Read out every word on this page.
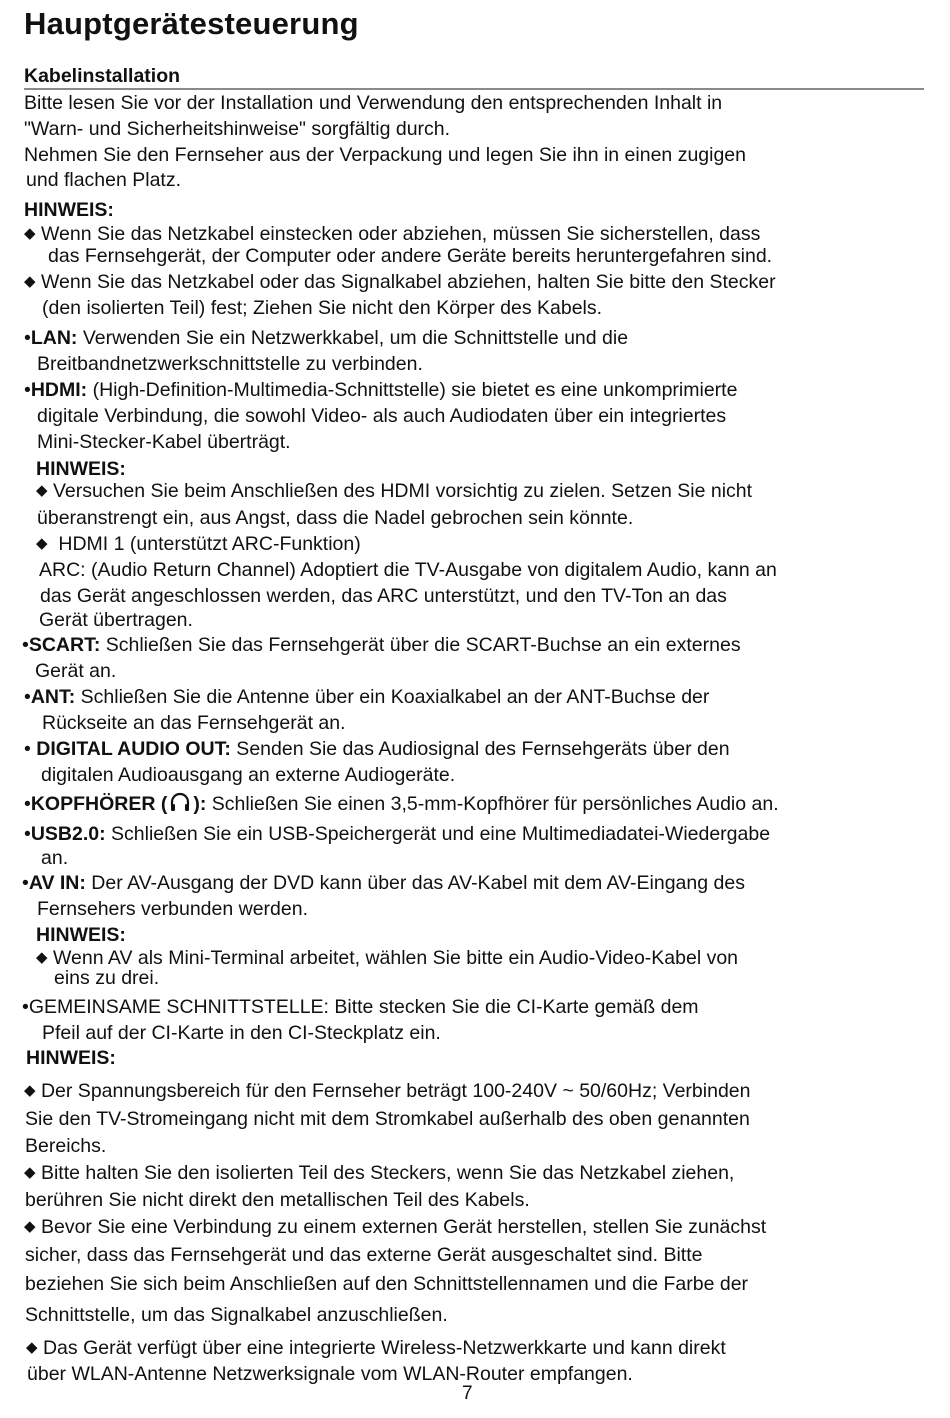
Hauptgerätesteuerung
Kabelinstallation
Bitte lesen Sie vor der Installation und Verwendung den entsprechenden Inhalt in
"Warn- und Sicherheitshinweise" sorgfältig durch.
Nehmen Sie den Fernseher aus der Verpackung und legen Sie ihn in einen zugigen
und flachen Platz.
HINWEIS:
◆ Wenn Sie das Netzkabel einstecken oder abziehen, müssen Sie sicherstellen, dass
das Fernsehgerät, der Computer oder andere Geräte bereits heruntergefahren sind.
◆ Wenn Sie das Netzkabel oder das Signalkabel abziehen, halten Sie bitte den Stecker
(den isolierten Teil) fest; Ziehen Sie nicht den Körper des Kabels.
•LAN: Verwenden Sie ein Netzwerkkabel, um die Schnittstelle und die
Breitbandnetzwerkschnittstelle zu verbinden.
•HDMI: (High-Definition-Multimedia-Schnittstelle) sie bietet es eine unkomprimierte
digitale Verbindung, die sowohl Video- als auch Audiodaten über ein integriertes
Mini-Stecker-Kabel überträgt.
HINWEIS:
◆ Versuchen Sie beim Anschließen des HDMI vorsichtig zu zielen. Setzen Sie nicht
überanstrengt ein, aus Angst, dass die Nadel gebrochen sein könnte.
◆ HDMI 1 (unterstützt ARC-Funktion)
ARC: (Audio Return Channel) Adoptiert die TV-Ausgabe von digitalem Audio, kann an
das Gerät angeschlossen werden, das ARC unterstützt, und den TV-Ton an das
Gerät übertragen.
•SCART: Schließen Sie das Fernsehgerät über die SCART-Buchse an ein externes
Gerät an.
•ANT: Schließen Sie die Antenne über ein Koaxialkabel an der ANT-Buchse der
Rückseite an das Fernsehgerät an.
• DIGITAL AUDIO OUT: Senden Sie das Audiosignal des Fernsehgeräts über den
digitalen Audioausgang an externe Audiogeräte.
•KOPFHÖRER ( ): Schließen Sie einen 3,5-mm-Kopfhörer für persönliches Audio an.
•USB2.0: Schließen Sie ein USB-Speichergerät und eine Multimediadatei-Wiedergabe
an.
•AV IN: Der AV-Ausgang der DVD kann über das AV-Kabel mit dem AV-Eingang des
Fernsehers verbunden werden.
HINWEIS:
◆ Wenn AV als Mini-Terminal arbeitet, wählen Sie bitte ein Audio-Video-Kabel von
eins zu drei.
•GEMEINSAME SCHNITTSTELLE: Bitte stecken Sie die CI-Karte gemäß dem
Pfeil auf der CI-Karte in den CI-Steckplatz ein.
HINWEIS:
◆ Der Spannungsbereich für den Fernseher beträgt 100-240V ~ 50/60Hz; Verbinden
Sie den TV-Stromeingang nicht mit dem Stromkabel außerhalb des oben genannten
Bereichs.
◆ Bitte halten Sie den isolierten Teil des Steckers, wenn Sie das Netzkabel ziehen,
berühren Sie nicht direkt den metallischen Teil des Kabels.
◆ Bevor Sie eine Verbindung zu einem externen Gerät herstellen, stellen Sie zunächst
sicher, dass das Fernsehgerät und das externe Gerät ausgeschaltet sind. Bitte
beziehen Sie sich beim Anschließen auf den Schnittstellennamen und die Farbe der
Schnittstelle, um das Signalkabel anzuschließen.
◆ Das Gerät verfügt über eine integrierte Wireless-Netzwerkkarte und kann direkt
über WLAN-Antenne Netzwerksignale vom WLAN-Router empfangen.
7
